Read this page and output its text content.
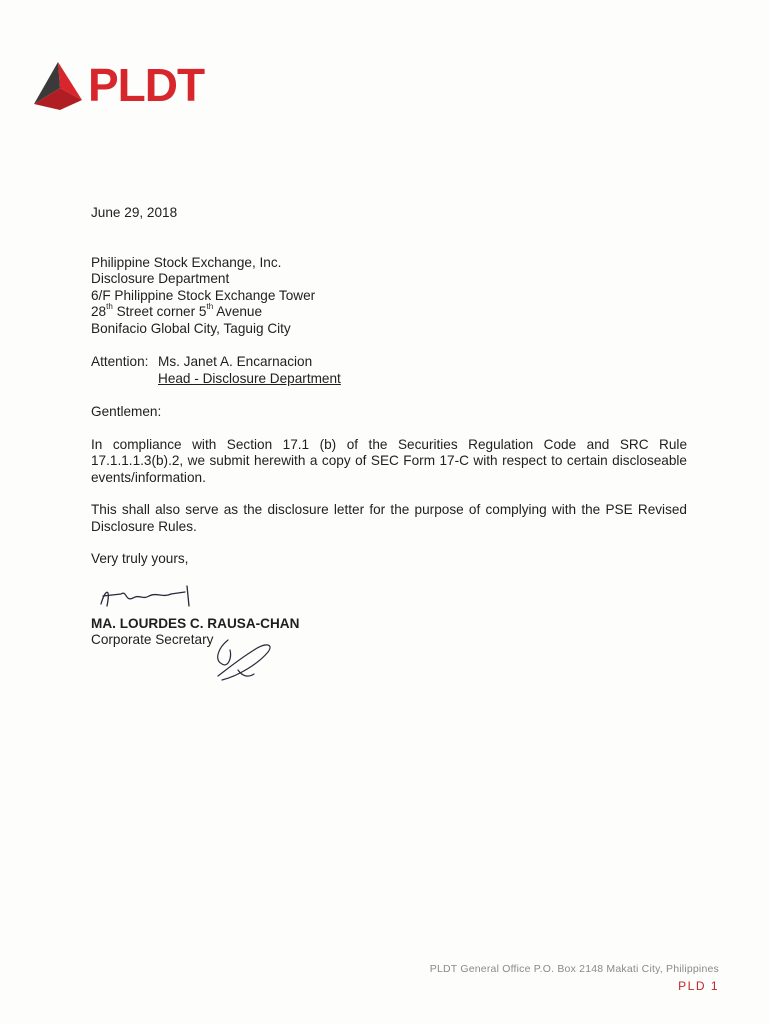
PLDT
June 29, 2018
Philippine Stock Exchange, Inc.
Disclosure Department
6/F Philippine Stock Exchange Tower
28th Street corner 5th Avenue
Bonifacio Global City, Taguig City
Attention: Ms. Janet A. Encarnacion
Head - Disclosure Department
Gentlemen:

In compliance with Section 17.1 (b) of the Securities Regulation Code and SRC Rule 17.1.1.1.3(b).2, we submit herewith a copy of SEC Form 17-C with respect to certain discloseable events/information.

This shall also serve as the disclosure letter for the purpose of complying with the PSE Revised Disclosure Rules.

Very truly yours,
MA. LOURDES C. RAUSA-CHAN
Corporate Secretary
PLDT General Office P.O. Box 2148 Makati City, Philippines
PLD 1
